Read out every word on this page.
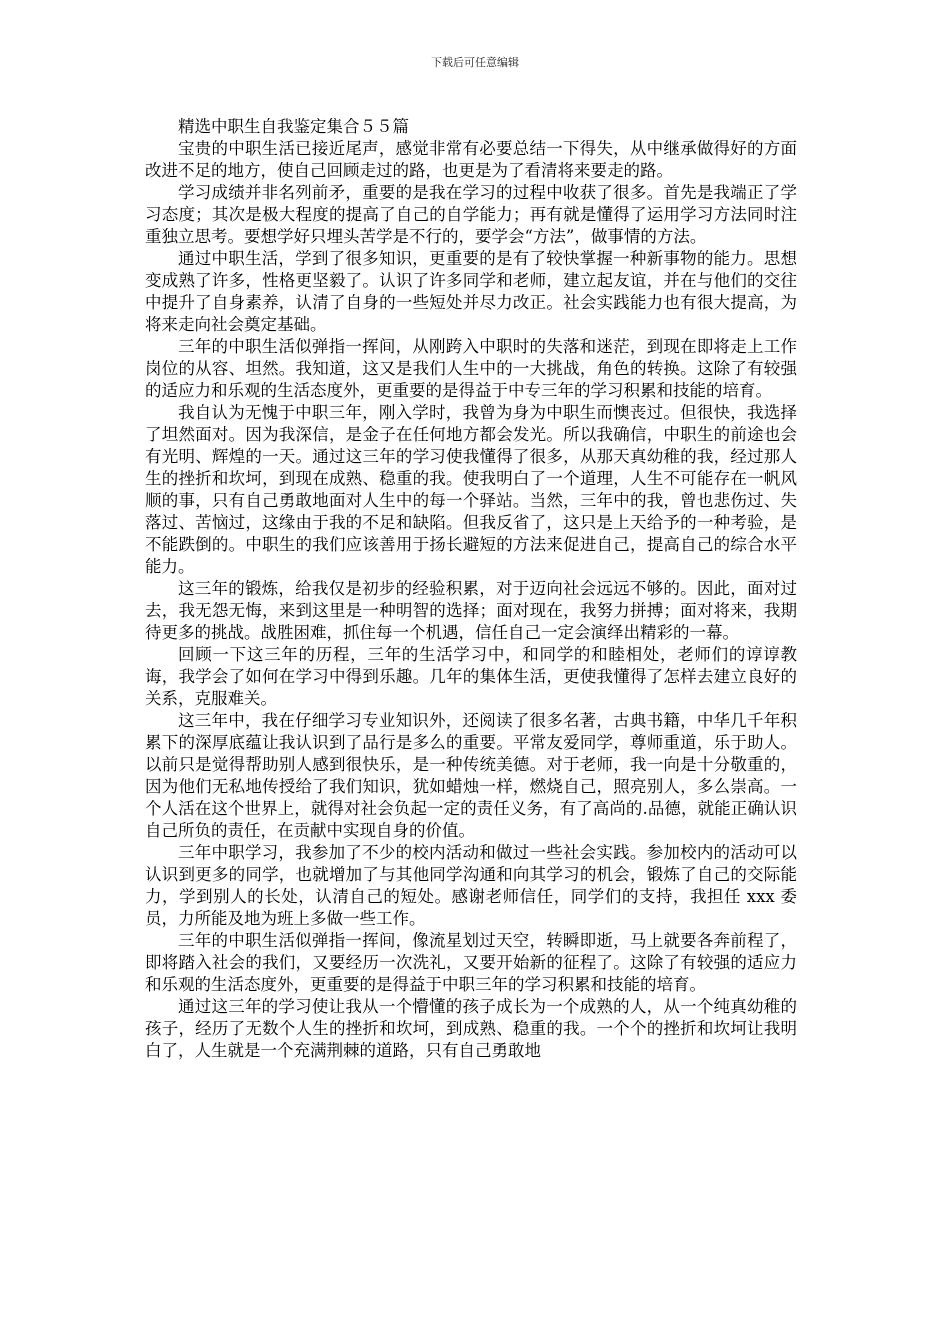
下载后可任意编辑

精选中职生自我鉴定集合５５篇

宝贵的中职生活已接近尾声，感觉非常有必要总结一下得失，从中继承做得好的方面改进不足的地方，使自己回顾走过的路，也更是为了看清将来要走的路。

学习成绩并非名列前矛，重要的是我在学习的过程中收获了很多。首先是我端正了学习态度；其次是极大程度的提高了自己的自学能力；再有就是懂得了运用学习方法同时注重独立思考。要想学好只埋头苦学是不行的，要学会“方法”，做事情的方法。

通过中职生活，学到了很多知识，更重要的是有了较快掌握一种新事物的能力。思想变成熟了许多，性格更坚毅了。认识了许多同学和老师，建立起友谊，并在与他们的交往中提升了自身素养，认清了自身的一些短处并尽力改正。社会实践能力也有很大提高，为将来走向社会奠定基础。

三年的中职生活似弹指一挥间，从刚跨入中职时的失落和迷茫，到现在即将走上工作岗位的从容、坦然。我知道，这又是我们人生中的一大挑战，角色的转换。这除了有较强的适应力和乐观的生活态度外，更重要的是得益于中专三年的学习积累和技能的培育。

我自认为无愧于中职三年，刚入学时，我曾为身为中职生而懊丧过。但很快，我选择了坦然面对。因为我深信，是金子在任何地方都会发光。所以我确信，中职生的前途也会有光明、辉煌的一天。通过这三年的学习使我懂得了很多，从那天真幼稚的我，经过那人生的挫折和坎坷，到现在成熟、稳重的我。使我明白了一个道理，人生不可能存在一帆风顺的事，只有自己勇敢地面对人生中的每一个驿站。当然，三年中的我，曾也悲伤过、失落过、苦恼过，这缘由于我的不足和缺陷。但我反省了，这只是上天给予的一种考验，是不能跌倒的。中职生的我们应该善用于扬长避短的方法来促进自己，提高自己的综合水平能力。

这三年的锻炼，给我仅是初步的经验积累，对于迈向社会远远不够的。因此，面对过去，我无怨无悔，来到这里是一种明智的选择；面对现在，我努力拼搏；面对将来，我期待更多的挑战。战胜困难，抓住每一个机遇，信任自己一定会演绎出精彩的一幕。

回顾一下这三年的历程，三年的生活学习中，和同学的和睦相处，老师们的谆谆教诲，我学会了如何在学习中得到乐趣。几年的集体生活，更使我懂得了怎样去建立良好的关系，克服难关。

这三年中，我在仔细学习专业知识外，还阅读了很多名著，古典书籍，中华几千年积累下的深厚底蕴让我认识到了品行是多么的重要。平常友爱同学，尊师重道，乐于助人。以前只是觉得帮助别人感到很快乐，是一种传统美德。对于老师，我一向是十分敬重的，因为他们无私地传授给了我们知识，犹如蜡烛一样，燃烧自己，照亮别人，多么崇高。一个人活在这个世界上，就得对社会负起一定的责任义务，有了高尚的.品德，就能正确认识自己所负的责任，在贡献中实现自身的价值。

三年中职学习，我参加了不少的校内活动和做过一些社会实践。参加校内的活动可以认识到更多的同学，也就增加了与其他同学沟通和向其学习的机会，锻炼了自己的交际能力，学到别人的长处，认清自己的短处。感谢老师信任，同学们的支持，我担任 xxx 委员，力所能及地为班上多做一些工作。

三年的中职生活似弹指一挥间，像流星划过天空，转瞬即逝，马上就要各奔前程了，即将踏入社会的我们，又要经历一次洗礼，又要开始新的征程了。这除了有较强的适应力和乐观的生活态度外，更重要的是得益于中职三年的学习积累和技能的培育。

通过这三年的学习使让我从一个懵懂的孩子成长为一个成熟的人，从一个纯真幼稚的孩子，经历了无数个人生的挫折和坎坷，到成熟、稳重的我。一个个的挫折和坎坷让我明白了，人生就是一个充满荆棘的道路，只有自己勇敢地
